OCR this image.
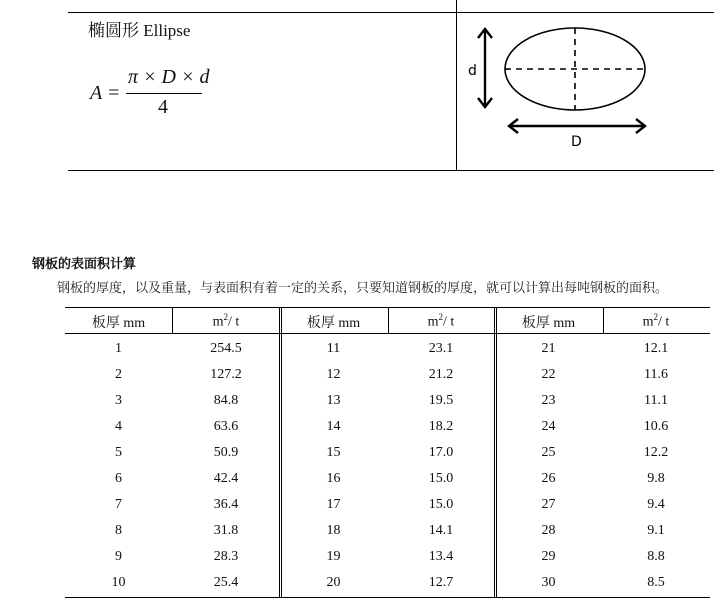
椭圆形 Ellipse
A =
π × D × d
4
d
D
钢板的表面积计算
钢板的厚度，以及重量，与表面积有着一定的关系，只要知道钢板的厚度，就可以计算出每吨钢板的面积。
板厚 mm	$m^2/$ t
1	254.5
2	127.2
3	84.8
4	63.6
5	50.9
6	42.4
7	36.4
8	31.8
9	28.3
10	25.4
板厚 mm	$m^2/$ t
11	23.1
12	21.2
13	19.5
14	18.2
15	17.0
16	15.0
17	15.0
18	14.1
19	13.4
20	12.7
板厚 mm	$m^2/$ t
21	12.1
22	11.6
23	11.1
24	10.6
25	12.2
26	9.8
27	9.4
28	9.1
29	8.8
30	8.5
